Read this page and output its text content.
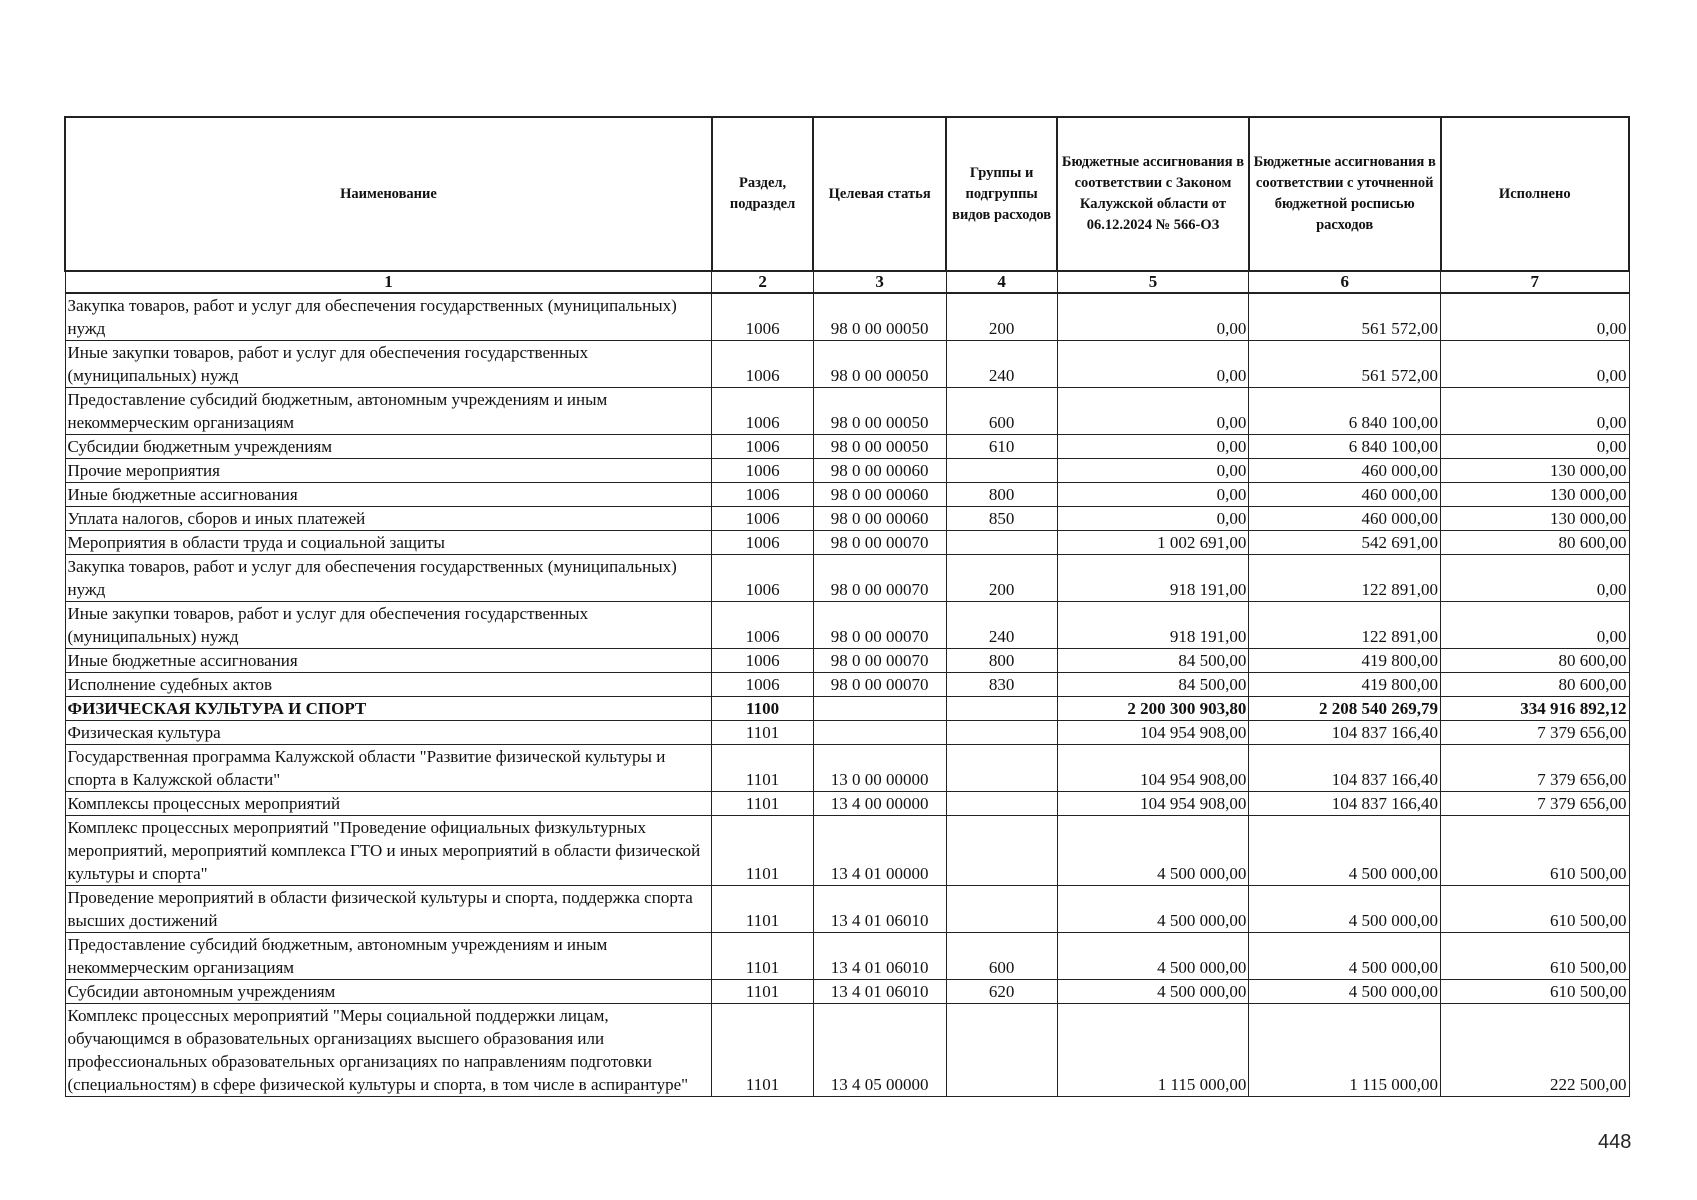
Наименование	Раздел, подраздел	Целевая статья	Группы и подгруппы видов расходов	Бюджетные ассигнования в соответствии с Законом Калужской области от 06.12.2024 № 566-ОЗ	Бюджетные ассигнования в соответствии с уточненной бюджетной росписью расходов	Исполнено
1	2	3	4	5	6	7
Закупка товаров, работ и услуг для обеспечения государственных (муниципальных) нужд	1006	98 0 00 00050	200	0,00	561 572,00	0,00
Иные закупки товаров, работ и услуг для обеспечения государственных (муниципальных) нужд	1006	98 0 00 00050	240	0,00	561 572,00	0,00
Предоставление субсидий бюджетным, автономным учреждениям и иным некоммерческим организациям	1006	98 0 00 00050	600	0,00	6 840 100,00	0,00
Субсидии бюджетным учреждениям	1006	98 0 00 00050	610	0,00	6 840 100,00	0,00
Прочие мероприятия	1006	98 0 00 00060		0,00	460 000,00	130 000,00
Иные бюджетные ассигнования	1006	98 0 00 00060	800	0,00	460 000,00	130 000,00
Уплата налогов, сборов и иных платежей	1006	98 0 00 00060	850	0,00	460 000,00	130 000,00
Мероприятия в области труда и социальной защиты	1006	98 0 00 00070		1 002 691,00	542 691,00	80 600,00
Закупка товаров, работ и услуг для обеспечения государственных (муниципальных) нужд	1006	98 0 00 00070	200	918 191,00	122 891,00	0,00
Иные закупки товаров, работ и услуг для обеспечения государственных (муниципальных) нужд	1006	98 0 00 00070	240	918 191,00	122 891,00	0,00
Иные бюджетные ассигнования	1006	98 0 00 00070	800	84 500,00	419 800,00	80 600,00
Исполнение судебных актов	1006	98 0 00 00070	830	84 500,00	419 800,00	80 600,00
ФИЗИЧЕСКАЯ КУЛЬТУРА И СПОРТ	1100			2 200 300 903,80	2 208 540 269,79	334 916 892,12
Физическая культура	1101			104 954 908,00	104 837 166,40	7 379 656,00
Государственная программа Калужской области "Развитие физической культуры и спорта в Калужской области"	1101	13 0 00 00000		104 954 908,00	104 837 166,40	7 379 656,00
Комплексы процессных мероприятий	1101	13 4 00 00000		104 954 908,00	104 837 166,40	7 379 656,00
Комплекс процессных мероприятий "Проведение официальных физкультурных мероприятий, мероприятий комплекса ГТО и иных мероприятий в области физической культуры и спорта"	1101	13 4 01 00000		4 500 000,00	4 500 000,00	610 500,00
Проведение мероприятий в области физической культуры и спорта, поддержка спорта высших достижений	1101	13 4 01 06010		4 500 000,00	4 500 000,00	610 500,00
Предоставление субсидий бюджетным, автономным учреждениям и иным некоммерческим организациям	1101	13 4 01 06010	600	4 500 000,00	4 500 000,00	610 500,00
Субсидии автономным учреждениям	1101	13 4 01 06010	620	4 500 000,00	4 500 000,00	610 500,00
Комплекс процессных мероприятий "Меры социальной поддержки лицам, обучающимся в образовательных организациях высшего образования или профессиональных образовательных организациях по направлениям подготовки (специальностям) в сфере физической культуры и спорта, в том числе в аспирантуре"	1101	13 4 05 00000		1 115 000,00	1 115 000,00	222 500,00
448
